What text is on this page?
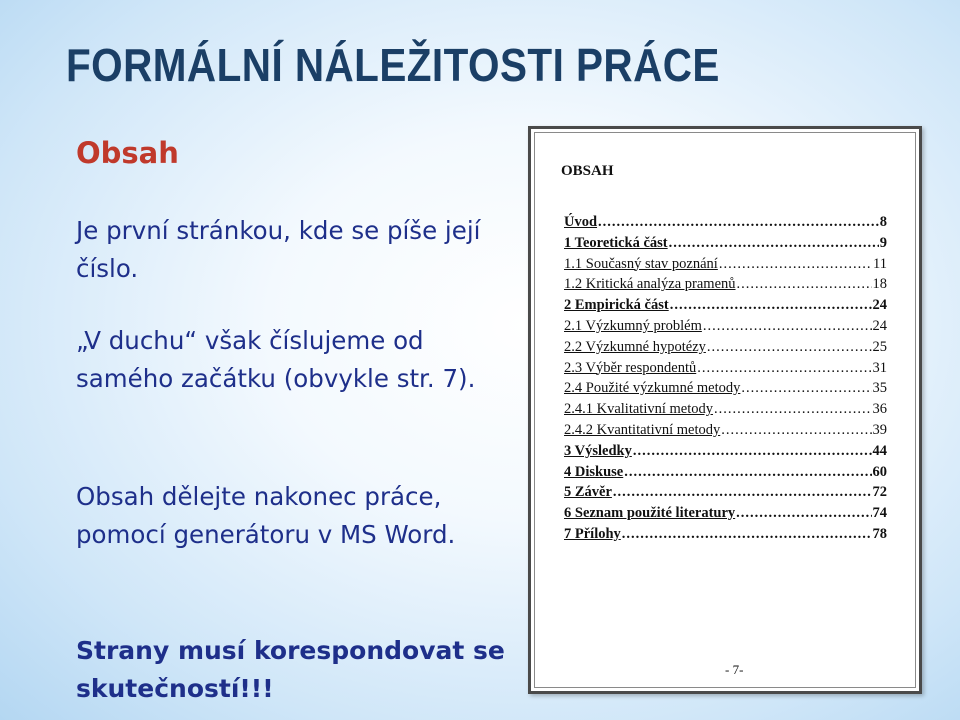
FORMÁLNÍ NÁLEŽITOSTI PRÁCE
Obsah

Je první stránkou, kde se píše její číslo.

„V duchu“ však číslujeme od samého začátku (obvykle str. 7).

Obsah dělejte nakonec práce, pomocí generátoru v MS Word.

Strany musí korespondovat se skutečností!!!

OBSAH
Úvod .....	8
1 Teoretická část .....	9
1.1 Současný stav poznání .....	11
1.2 Kritická analýza pramenů .....	18
2 Empirická část .....	24
2.1 Výzkumný problém .....	24
2.2 Výzkumné hypotézy .....	25
2.3 Výběr respondentů .....	31
2.4 Použité výzkumné metody .....	35
2.4.1 Kvalitativní metody .....	36
2.4.2 Kvantitativní metody .....	39
3 Výsledky .....	44
4 Diskuse .....	60
5 Závěr .....	72
6 Seznam použité literatury .....	74
7 Přílohy .....	78
- 7-
